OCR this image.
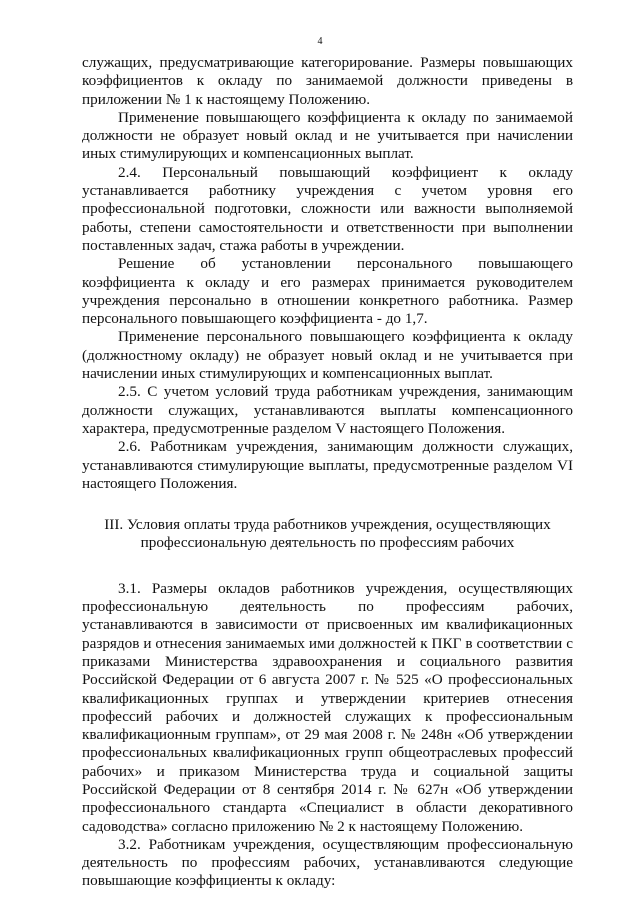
4

служащих, предусматривающие категорирование. Размеры повышающих коэффициентов к окладу по занимаемой должности приведены в приложении № 1 к настоящему Положению.

Применение повышающего коэффициента к окладу по занимаемой должности не образует новый оклад и не учитывается при начислении иных стимулирующих и компенсационных выплат.

2.4. Персональный повышающий коэффициент к окладу устанавливается работнику учреждения с учетом уровня его профессиональной подготовки, сложности или важности выполняемой работы, степени самостоятельности и ответственности при выполнении поставленных задач, стажа работы в учреждении.

Решение об установлении персонального повышающего коэффициента к окладу и его размерах принимается руководителем учреждения персонально в отношении конкретного работника. Размер персонального повышающего коэффициента - до 1,7.

Применение персонального повышающего коэффициента к окладу (должностному окладу) не образует новый оклад и не учитывается при начислении иных стимулирующих и компенсационных выплат.

2.5. С учетом условий труда работникам учреждения, занимающим должности служащих, устанавливаются выплаты компенсационного характера, предусмотренные разделом V настоящего Положения.

2.6. Работникам учреждения, занимающим должности служащих, устанавливаются стимулирующие выплаты, предусмотренные разделом VI настоящего Положения.

III. Условия оплаты труда работников учреждения, осуществляющих профессиональную деятельность по профессиям рабочих

3.1. Размеры окладов работников учреждения, осуществляющих профессиональную деятельность по профессиям рабочих, устанавливаются в зависимости от присвоенных им квалификационных разрядов и отнесения занимаемых ими должностей к ПКГ в соответствии с приказами Министерства здравоохранения и социального развития Российской Федерации от 6 августа 2007 г. № 525 «О профессиональных квалификационных группах и утверждении критериев отнесения профессий рабочих и должностей служащих к профессиональным квалификационным группам», от 29 мая 2008 г. № 248н «Об утверждении профессиональных квалификационных групп общеотраслевых профессий рабочих» и приказом Министерства труда и социальной защиты Российской Федерации от 8 сентября 2014 г. № 627н «Об утверждении профессионального стандарта «Специалист в области декоративного садоводства» согласно приложению № 2 к настоящему Положению.

3.2. Работникам учреждения, осуществляющим профессиональную деятельность по профессиям рабочих, устанавливаются следующие повышающие коэффициенты к окладу:
